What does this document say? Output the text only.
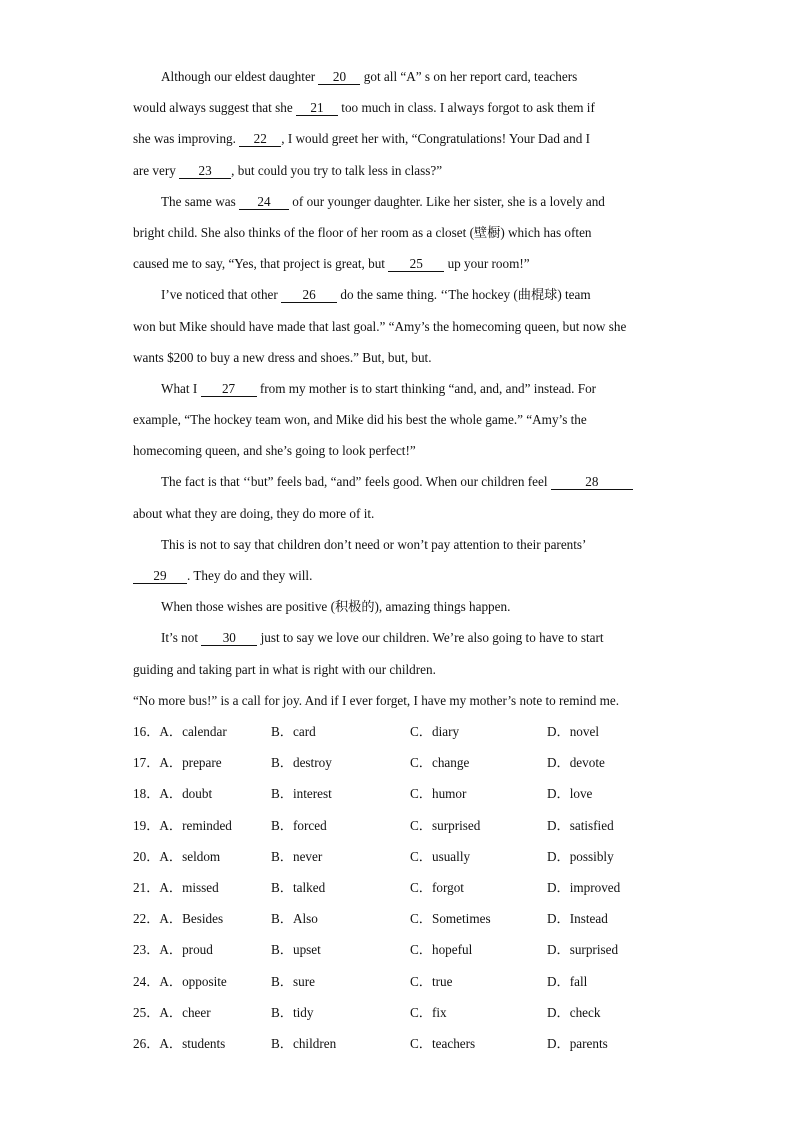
Although our eldest daughter 20 got all “A” s on her report card, teachers
would always suggest that she 21 too much in class. I always forgot to ask them if
she was improving. 22 , I would greet her with, “Congratulations! Your Dad and I
are very 23 , but could you try to talk less in class?”
The same was 24 of our younger daughter. Like her sister, she is a lovely and
bright child. She also thinks of the floor of her room as a closet (壁橱) which has often
caused me to say, “Yes, that project is great, but 25 up your room!”
I’ve noticed that other 26 do the same thing. ‘‘The hockey (曲棍球) team
won but Mike should have made that last goal.” “Amy’s the homecoming queen, but now she
wants $200 to buy a new dress and shoes.” But, but, but.
What I 27 from my mother is to start thinking “and, and, and” instead. For
example, “The hockey team won, and Mike did his best the whole game.” “Amy’s the
homecoming queen, and she’s going to look perfect!”
The fact is that ‘‘but” feels bad, “and” feels good. When our children feel	28
about what they are doing, they do more of it.
This is not to say that children don’t need or won’t pay attention to their parents’
29 . They do and they will.
When those wishes are positive (积极的), amazing things happen.
It’s not 30 just to say we love our children. We’re also going to have to start
guiding and taking part in what is right with our children.
“No more bus!” is a call for joy. And if I ever forget, I have my mother’s note to remind me.
16．A．calendar	B．card	C．diary	D．novel
17．A．prepare	B．destroy	C．change	D．devote
18．A．doubt	B．interest	C．humor	D．love
19．A．reminded	B．forced	C．surprised	D．satisfied
20．A．seldom	B．never	C．usually	D．possibly
21．A．missed	B．talked	C．forgot	D．improved
22．A．Besides	B．Also	C．Sometimes	D．Instead
23．A．proud	B．upset	C．hopeful	D．surprised
24．A．opposite	B．sure	C．true	D．fall
25．A．cheer	B．tidy	C．fix	D．check
26．A．students	B．children	C．teachers	D．parents
